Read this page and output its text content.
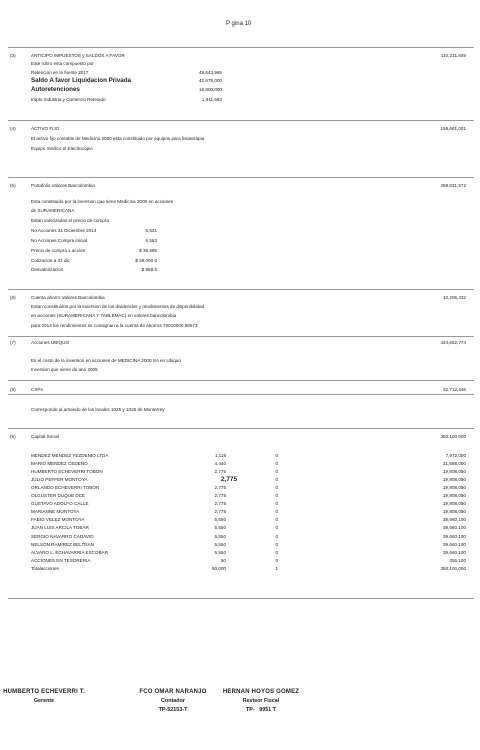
P gina 10
(3)	ANTICIPO IMPUESTOS y SALDOS A FAVOR	110,231,849
Este rubro esta compuesto por
Retencion en la fuente 2017	48,643,986
Saldo A favor Liquidacion Privada	42,678,000
Autoretenciones	16,800,000
Impto Industria y Comercio Retenido	1,911,683
(4)	ACTIVO FIJO	159,661,001
El activo fijo contable de Medicina 2000 esta constituido por equipos para fisioterapia
Equipo medico el Electrocopio
(5)	Portafolio Valores Bancolombia	259,631,572
Esta constituido por la inversion que tiene Medicina 2000 en acciones
de SURAMERICANA
Estan valorizadas el precio de compra
No Acciones 31 Diciembre 2014	6,631
No Acciones Compra inicial	6,563
Precio de compra x accion	$ 38,695
Cotizacion a 31 dic	$ 39,000.0
Desvalorizacion	$ 958.6
(6)	Cuenta ahorro Valores Bancolombia	10,206,432
Estan constituidos por la inversion de los dividendos y rendimientos de disponibilidad
en acciones (SURAMERICANA Y TABLEMAC) en valores bancolombia
para 2013 los rendimientos se consignan a la cuenta de ahorros 70010000 58573
(7)	Acciones UBIQUO	424,652,774
Es el costo de la inversion en acciones de MEDICINA 2000 SA en Ubiquo
Inversion que viene de ano 2005
(8)	CXPs	32,712,446
Corresponde al arriendo de los locales 1025 y 1026 de Monterrey
(9)	Capital Social	350,100,000
MENDEZ MENDEZ YEZDENIO LTDA	1,118	0	7,972,000
MARIO MENDEZ CEDEÑO	4,440	0	31,688,000
HUMBERTO ECHEVERRI TOBON	2,775	0	19,808,050
JULIO PEFFER MONTOYA	2,775	0	19,808,050
ORLANDO ECHEVERRI TOBON	2,775	0	19,808,050
OLGUSTER DUQUE DCE	2,775	0	19,808,050
GUSTAVO ADOLFO CALLE	2,775	0	19,808,050
MARIANNE MONTOYA	2,775	0	19,808,050
FABIO VELEZ MONTOYA	5,550	0	39,660,100
JUAN LUIS ARCILA TOBAR	5,550	0	39,660,100
SERGIO NAVARRO CADAVID	5,550	0	39,660,100
NELSON RAMIREZ BELTRAN	5,550	0	39,660,100
ALVARO L. ECHAVARRIA ESCOBAR	5,550	0	39,660,100
ACCIONES EN TESORERIA	50	0	356,100
Totalacciones	50,000	1	350,100,000
HUMBERTO ECHEVERRI T.
Gerente
FCO OMAR NARANJO
Contador
TP-52153-T
HERNAN HOYOS GOMEZ
Revisor Fiscal
TP-   9951 T
